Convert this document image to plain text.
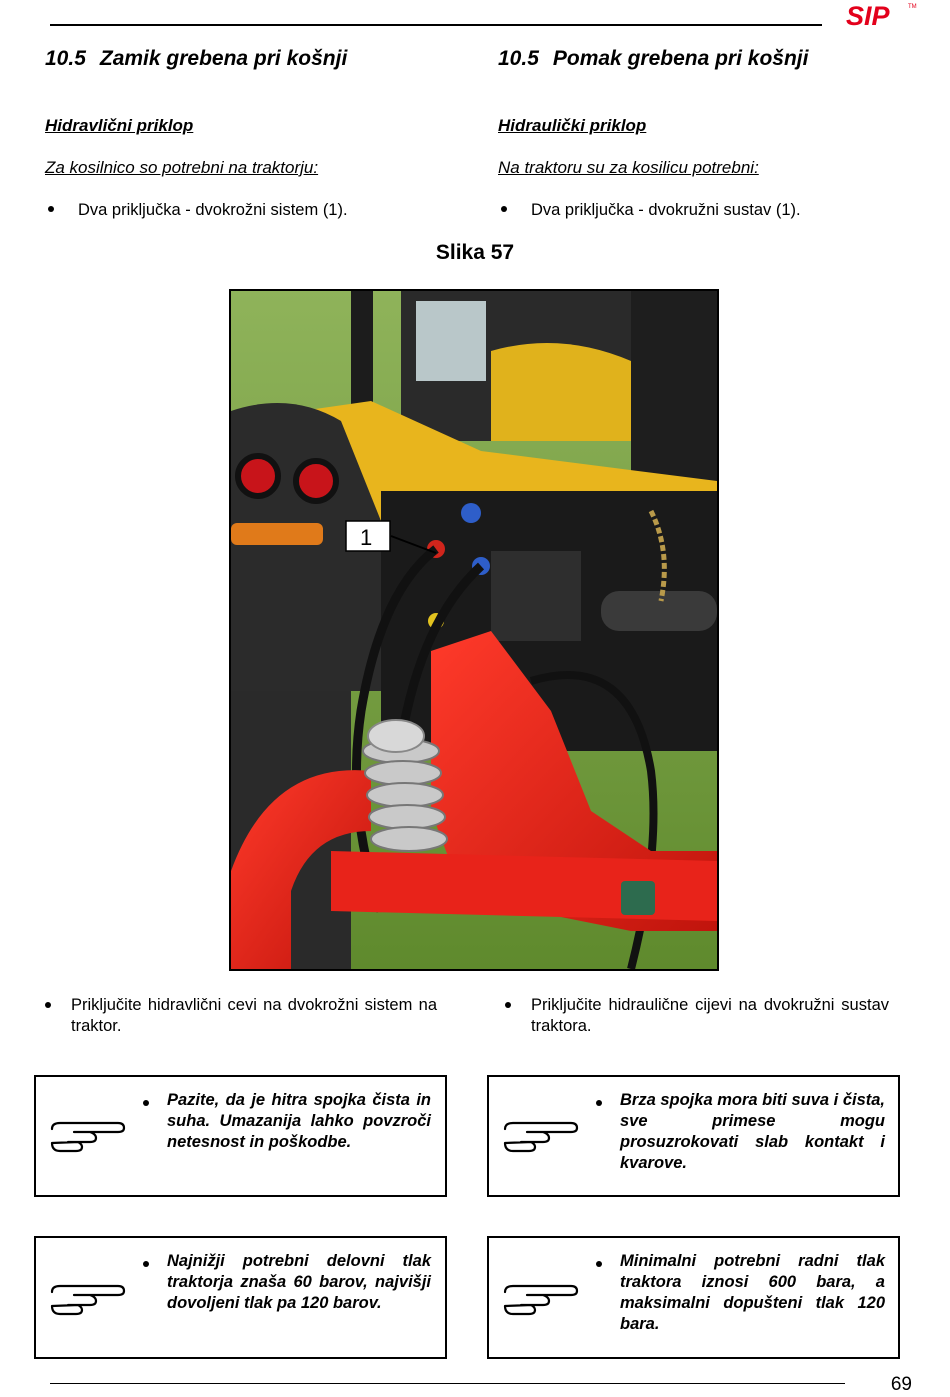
SIP	TM
10.5 Zamik grebena pri košnji	10.5 Pomak grebena pri košnji
Hidravlični priklop	Hidraulički priklop
Za kosilnico so potrebni na traktorju:	Na traktoru su za kosilicu potrebni:
Dva priključka - dvokrožni sistem (1).	Dva priključka - dvokružni sustav (1).
Slika 57
1
Priključite hidravlični cevi na dvokrožni sistem na traktor.
Priključite hidraulične cijevi na dvokružni sustav traktora.
Pazite, da je hitra spojka čista in suha. Umazanija lahko povzroči netesnost in poškodbe.
Brza spojka mora biti suva i čista, sve primese mogu prosuzrokovati slab kontakt i kvarove.
Najnižji potrebni delovni tlak traktorja znaša 60 barov, najvišji dovoljeni tlak pa 120 barov.
Minimalni potrebni radni tlak traktora iznosi 600 bara, a maksimalni dopušteni tlak 120 bara.
69
